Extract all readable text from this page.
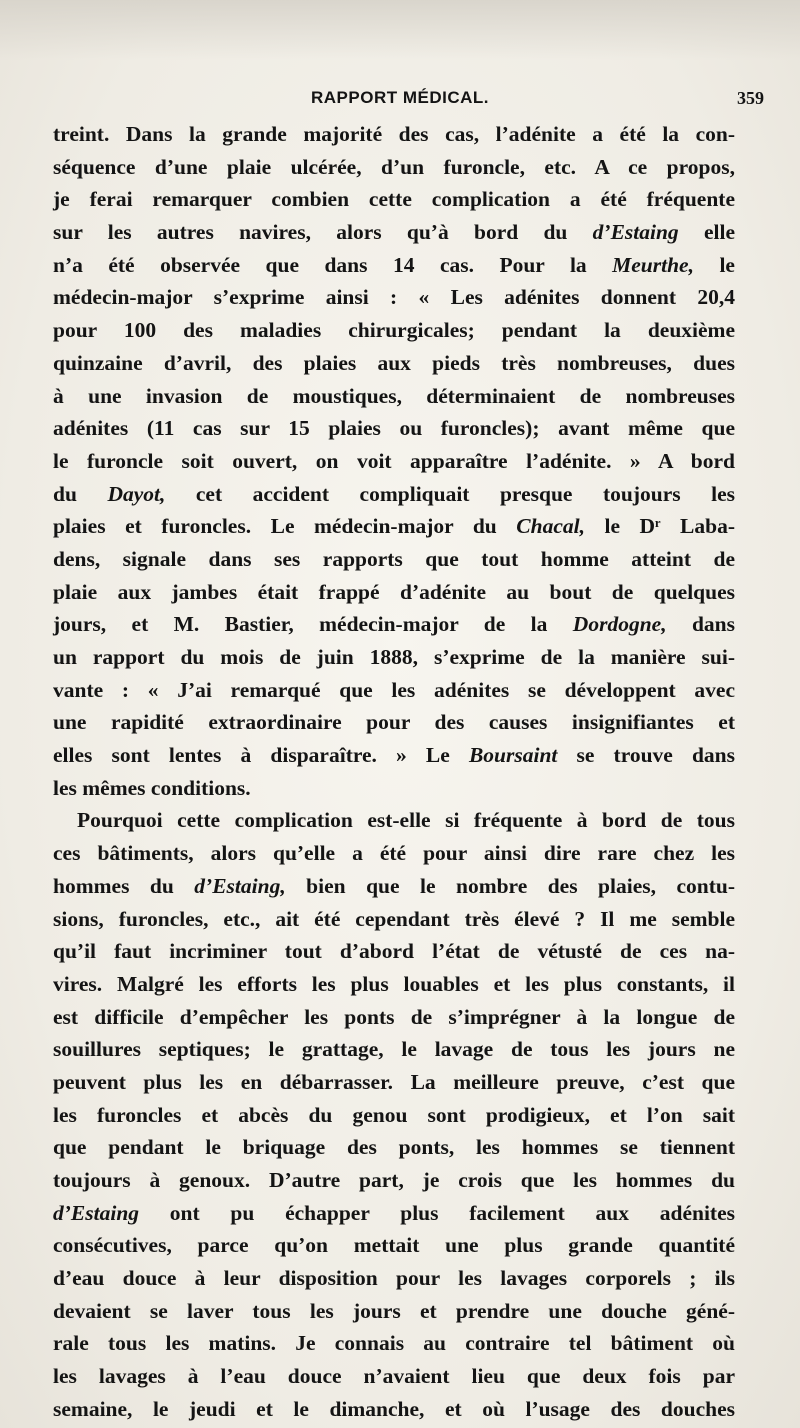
RAPPORT MÉDICAL.	359
treint. Dans la grande majorité des cas, l’adénite a été la con-
séquence d’une plaie ulcérée, d’un furoncle, etc. A ce propos,
je ferai remarquer combien cette complication a été fréquente
sur les autres navires, alors qu’à bord du d’Estaing elle
n’a été observée que dans 14 cas. Pour la Meurthe, le
médecin-major s’exprime ainsi : « Les adénites donnent 20,4
pour 100 des maladies chirurgicales; pendant la deuxième
quinzaine d’avril, des plaies aux pieds très nombreuses, dues
à une invasion de moustiques, déterminaient de nombreuses
adénites (11 cas sur 15 plaies ou furoncles); avant même que
le furoncle soit ouvert, on voit apparaître l’adénite. » A bord
du Dayot, cet accident compliquait presque toujours les
plaies et furoncles. Le médecin-major du Chacal, le Dʳ Laba-
dens, signale dans ses rapports que tout homme atteint de
plaie aux jambes était frappé d’adénite au bout de quelques
jours, et M. Bastier, médecin-major de la Dordogne, dans
un rapport du mois de juin 1888, s’exprime de la manière sui-
vante : « J’ai remarqué que les adénites se développent avec
une rapidité extraordinaire pour des causes insignifiantes et
elles sont lentes à disparaître. » Le Boursaint se trouve dans
les mêmes conditions.
Pourquoi cette complication est-elle si fréquente à bord de tous
ces bâtiments, alors qu’elle a été pour ainsi dire rare chez les
hommes du d’Estaing, bien que le nombre des plaies, contu-
sions, furoncles, etc., ait été cependant très élevé ? Il me semble
qu’il faut incriminer tout d’abord l’état de vétusté de ces na-
vires. Malgré les efforts les plus louables et les plus constants, il
est difficile d’empêcher les ponts de s’imprégner à la longue de
souillures septiques; le grattage, le lavage de tous les jours ne
peuvent plus les en débarrasser. La meilleure preuve, c’est que
les furoncles et abcès du genou sont prodigieux, et l’on sait
que pendant le briquage des ponts, les hommes se tiennent
toujours à genoux. D’autre part, je crois que les hommes du
d’Estaing ont pu échapper plus facilement aux adénites
consécutives, parce qu’on mettait une plus grande quantité
d’eau douce à leur disposition pour les lavages corporels ; ils
devaient se laver tous les jours et prendre une douche géné-
rale tous les matins. Je connais au contraire tel bâtiment où
les lavages à l’eau douce n’avaient lieu que deux fois par
semaine, le jeudi et le dimanche, et où l’usage des douches
